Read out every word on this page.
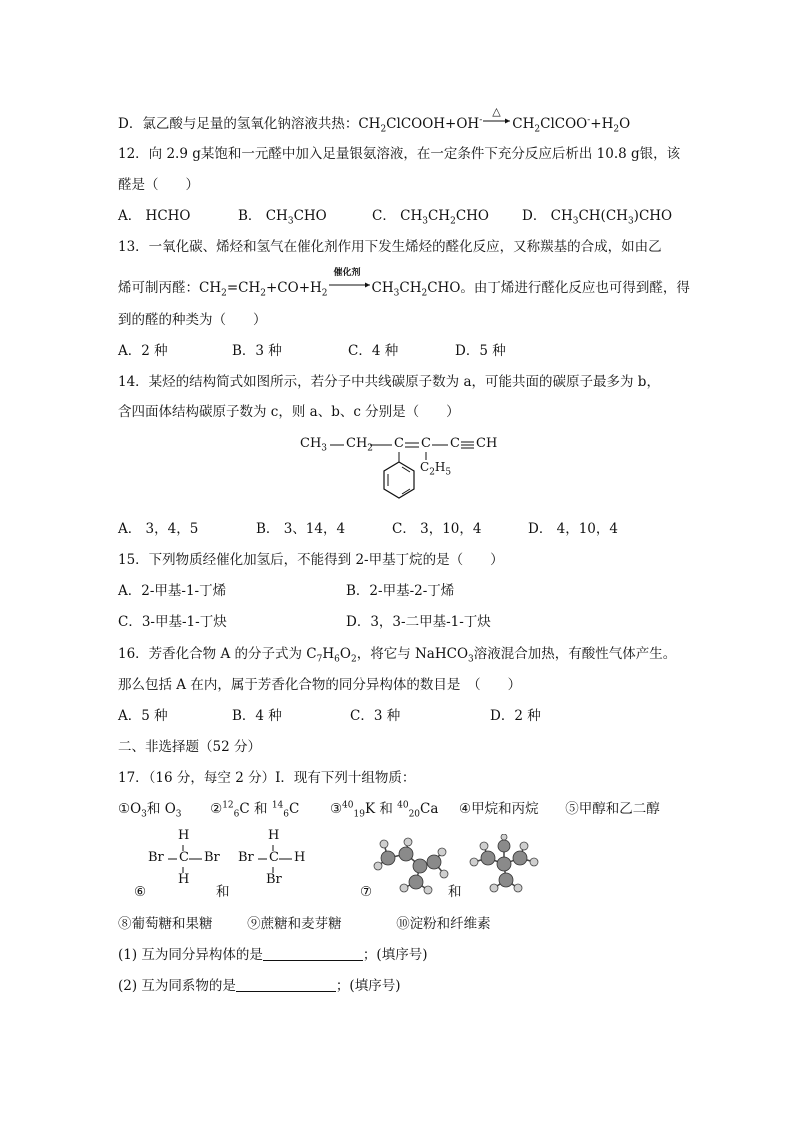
D．氯乙酸与足量的氢氧化钠溶液共热：$CH_2ClCOOH+OH^-$
△
$CH_2ClCOO^-+H_2O$
12．向 2.9 g某饱和一元醛中加入足量银氨溶液，在一定条件下充分反应后析出 10.8 g银，该
醛是（　　）
A． HCHO	B． $CH_3CHO$	C． $CH_3CH_2CHO$ D． $CH_3CH(CH_3)CHO$
13．一氧化碳、烯烃和氢气在催化剂作用下发生烯烃的醛化反应，又称羰基的合成，如由乙
烯可制丙醛：$CH_2=CH_2+CO+H_2$
催化剂
$CH_3CH_2CHO$。由丁烯进行醛化反应也可得到醛，得
到的醛的种类为（　　）
A．2 种	B．3 种	C．4 种	D．5 种
14．某烃的结构简式如图所示，若分子中共线碳原子数为 a，可能共面的碳原子最多为 b，
含四面体结构碳原子数为 c，则 a、b、c 分别是（　　）
$CH_3$ $CH_2$ C C C CH
$C_2H_5$
A． 3，4，5	B． 3、14，4	C． 3，10，4	D． 4，10，4
15．下列物质经催化加氢后，不能得到 2-甲基丁烷的是（　　）
A．2-甲基-1-丁烯	B．2-甲基-2-丁烯
C．3-甲基-1-丁炔	D．3，3-二甲基-1-丁炔
16．芳香化合物 A 的分子式为 $C_7H_6O_2$，将它与 NaHCO$_3$溶液混合加热，有酸性气体产生。
那么包括 A 在内，属于芳香化合物的同分异构体的数目是　（　　）
A．5 种	B．4 种	C．3 种	D．2 种
二、非选择题（52 分）
17．（16 分，每空 2 分）Ⅰ．现有下列十组物质：
$①O_3$和 $O_3$ ②$^{12}_6$C 和 $^{14}_6$C ③$^{40}_{19}$K 和 $^{40}_{20}$Ca ④甲烷和丙烷 ⑤甲醇和乙二醇
H
Br C Br
H
H
Br C H
Br
⑥	和	⑦	和
⑧葡萄糖和果糖	⑨蔗糖和麦芽糖	⑩淀粉和纤维素
(1) 互为同分异构体的是	；(填序号)
(2) 互为同系物的是	；(填序号)
